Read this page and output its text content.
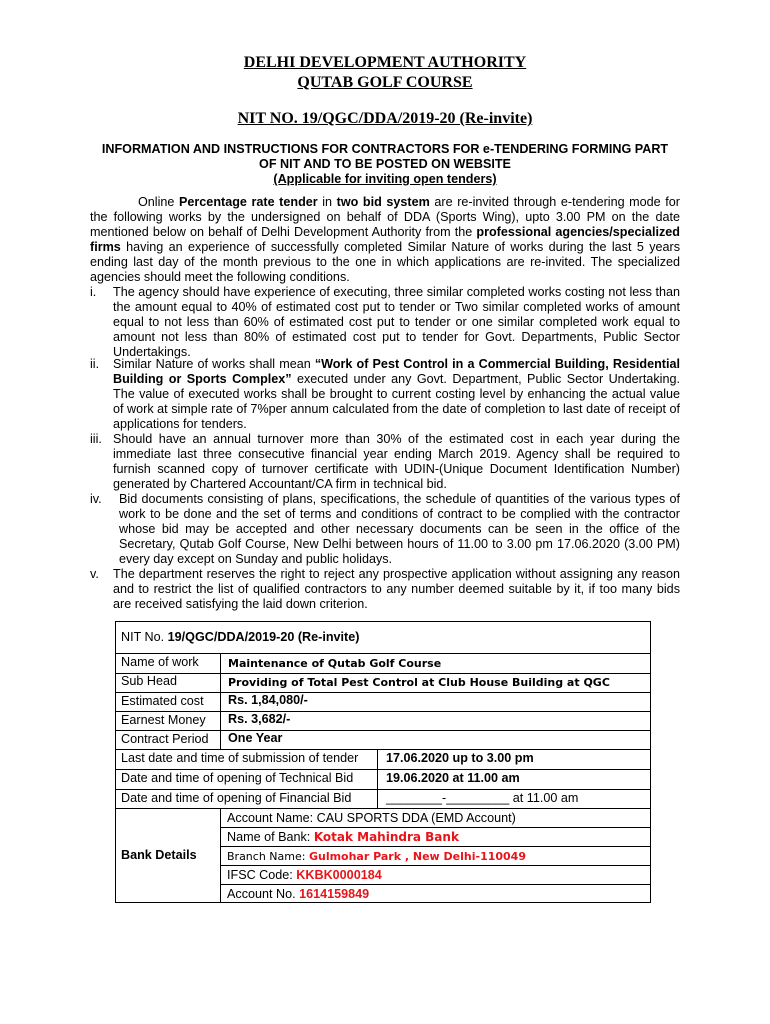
DELHI DEVELOPMENT AUTHORITY
QUTAB GOLF COURSE
NIT NO. 19/QGC/DDA/2019-20 (Re-invite)
INFORMATION AND INSTRUCTIONS FOR CONTRACTORS FOR e-TENDERING FORMING PART
OF NIT AND TO BE POSTED ON WEBSITE
(Applicable for inviting open tenders)
Online Percentage rate tender in two bid system are re-invited through e-tendering mode for the following works by the undersigned on behalf of DDA (Sports Wing), upto 3.00 PM on the date mentioned below on behalf of Delhi Development Authority from the professional agencies/specialized firms having an experience of successfully completed Similar Nature of works during the last 5 years ending last day of the month previous to the one in which applications are re-invited. The specialized agencies should meet the following conditions.
i.	The agency should have experience of executing, three similar completed works costing not less than the amount equal to 40% of estimated cost put to tender or Two similar completed works of amount equal to not less than 60% of estimated cost put to tender or one similar completed work equal to amount not less than 80% of estimated cost put to tender for Govt. Departments, Public Sector Undertakings.
ii.	Similar Nature of works shall mean “Work of Pest Control in a Commercial Building, Residential Building or Sports Complex” executed under any Govt. Department, Public Sector Undertaking. The value of executed works shall be brought to current costing level by enhancing the actual value of work at simple rate of 7%per annum calculated from the date of completion to last date of receipt of applications for tenders.
iii. Should have an annual turnover more than 30% of the estimated cost in each year during the immediate last three consecutive financial year ending March 2019. Agency shall be required to furnish scanned copy of turnover certificate with UDIN-(Unique Document Identification Number) generated by Chartered Accountant/CA firm in technical bid.
iv.	Bid documents consisting of plans, specifications, the schedule of quantities of the various types of work to be done and the set of terms and conditions of contract to be complied with the contractor whose bid may be accepted and other necessary documents can be seen in the office of the Secretary, Qutab Golf Course, New Delhi between hours of 11.00 to 3.00 pm 17.06.2020 (3.00 PM) every day except on Sunday and public holidays.
v.	The department reserves the right to reject any prospective application without assigning any reason and to restrict the list of qualified contractors to any number deemed suitable by it, if too many bids are received satisfying the laid down criterion.
NIT No. 19/QGC/DDA/2019-20 (Re-invite)
Name of work	Maintenance of Qutab Golf Course
Sub Head	Providing of Total Pest Control at Club House Building at QGC
Estimated cost Rs. 1,84,080/-
Earnest Money Rs. 3,682/-
Contract Period One Year
Last date and time of submission of tender 17.06.2020 up to 3.00 pm
Date and time of opening of Technical Bid	19.06.2020 at 11.00 am
Date and time of opening of Financial Bid	________-_________ at 11.00 am
Bank Details
Account Name: CAU SPORTS DDA (EMD Account)
Name of Bank: Kotak Mahindra Bank
Branch Name: Gulmohar Park , New Delhi-110049
IFSC Code: KKBK0000184
Account No. 1614159849
